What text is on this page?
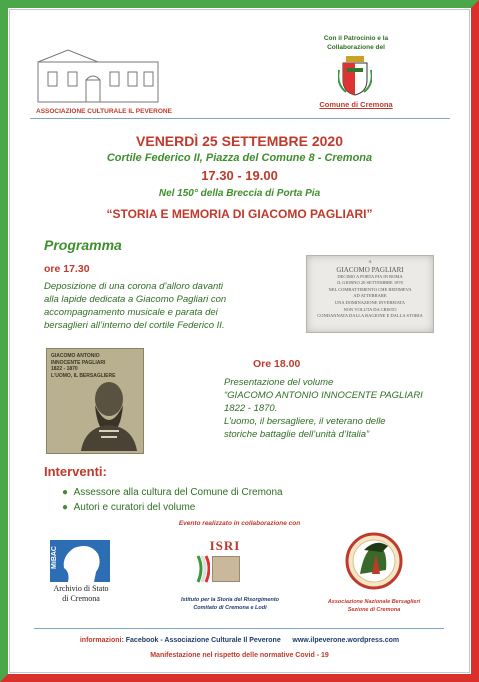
ASSOCIAZIONE CULTURALE IL PEVERONE
Con il Patrocinio e la
Collaborazione del
Comune di Cremona
VENERDÌ 25 SETTEMBRE 2020
Cortile Federico II, Piazza del Comune 8 - Cremona
17.30 - 19.00
Nel 150° della Breccia di Porta Pia
“STORIA E MEMORIA DI GIACOMO PAGLIARI”
Programma
ore 17.30
Deposizione di una corona d’alloro davanti
alla lapide dedicata a Giacomo Pagliari con
accompagnamento musicale e parata dei
bersaglieri all’interno del cortile Federico II.
A
GIACOMO PAGLIARI
DECIMO A PORTA PIA IN ROMA
IL GIORNO 20 SETTEMBRE 1870
NEL COMBATTIMENTO CHE REDIMEVA
AD ATTERRARE
UNA DOMINAZIONE INVEREIATA
NON VOLUTA DA CRISTO
CONDANNATA DALLA RAGIONE E DALLA STORIA
GIACOMO ANTONIO
INNOCENTE PAGLIARI
1822 - 1870
L'UOMO, IL BERSAGLIERE
Ore 18.00
Presentazione del volume
“GIACOMO ANTONIO INNOCENTE PAGLIARI
1822 - 1870.
L’uomo, il bersagliere, il veterano delle
storiche battaglie dell’unità d’Italia”
Interventi:
● Assessore alla cultura del Comune di Cremona
● Autori e curatori del volume
Evento realizzato in collaborazione con
MiBAC
Archivio di Stato
di Cremona
ISRI
Istituto per la Storia del Risorgimento
Comitato di Cremona e Lodi
Associazione Nazionale Bersaglieri
Sezione di Cremona
informazioni: Facebook - Associazione Culturale Il Peverone www.ilpeverone.wordpress.com
Manifestazione nel rispetto delle normative Covid - 19
